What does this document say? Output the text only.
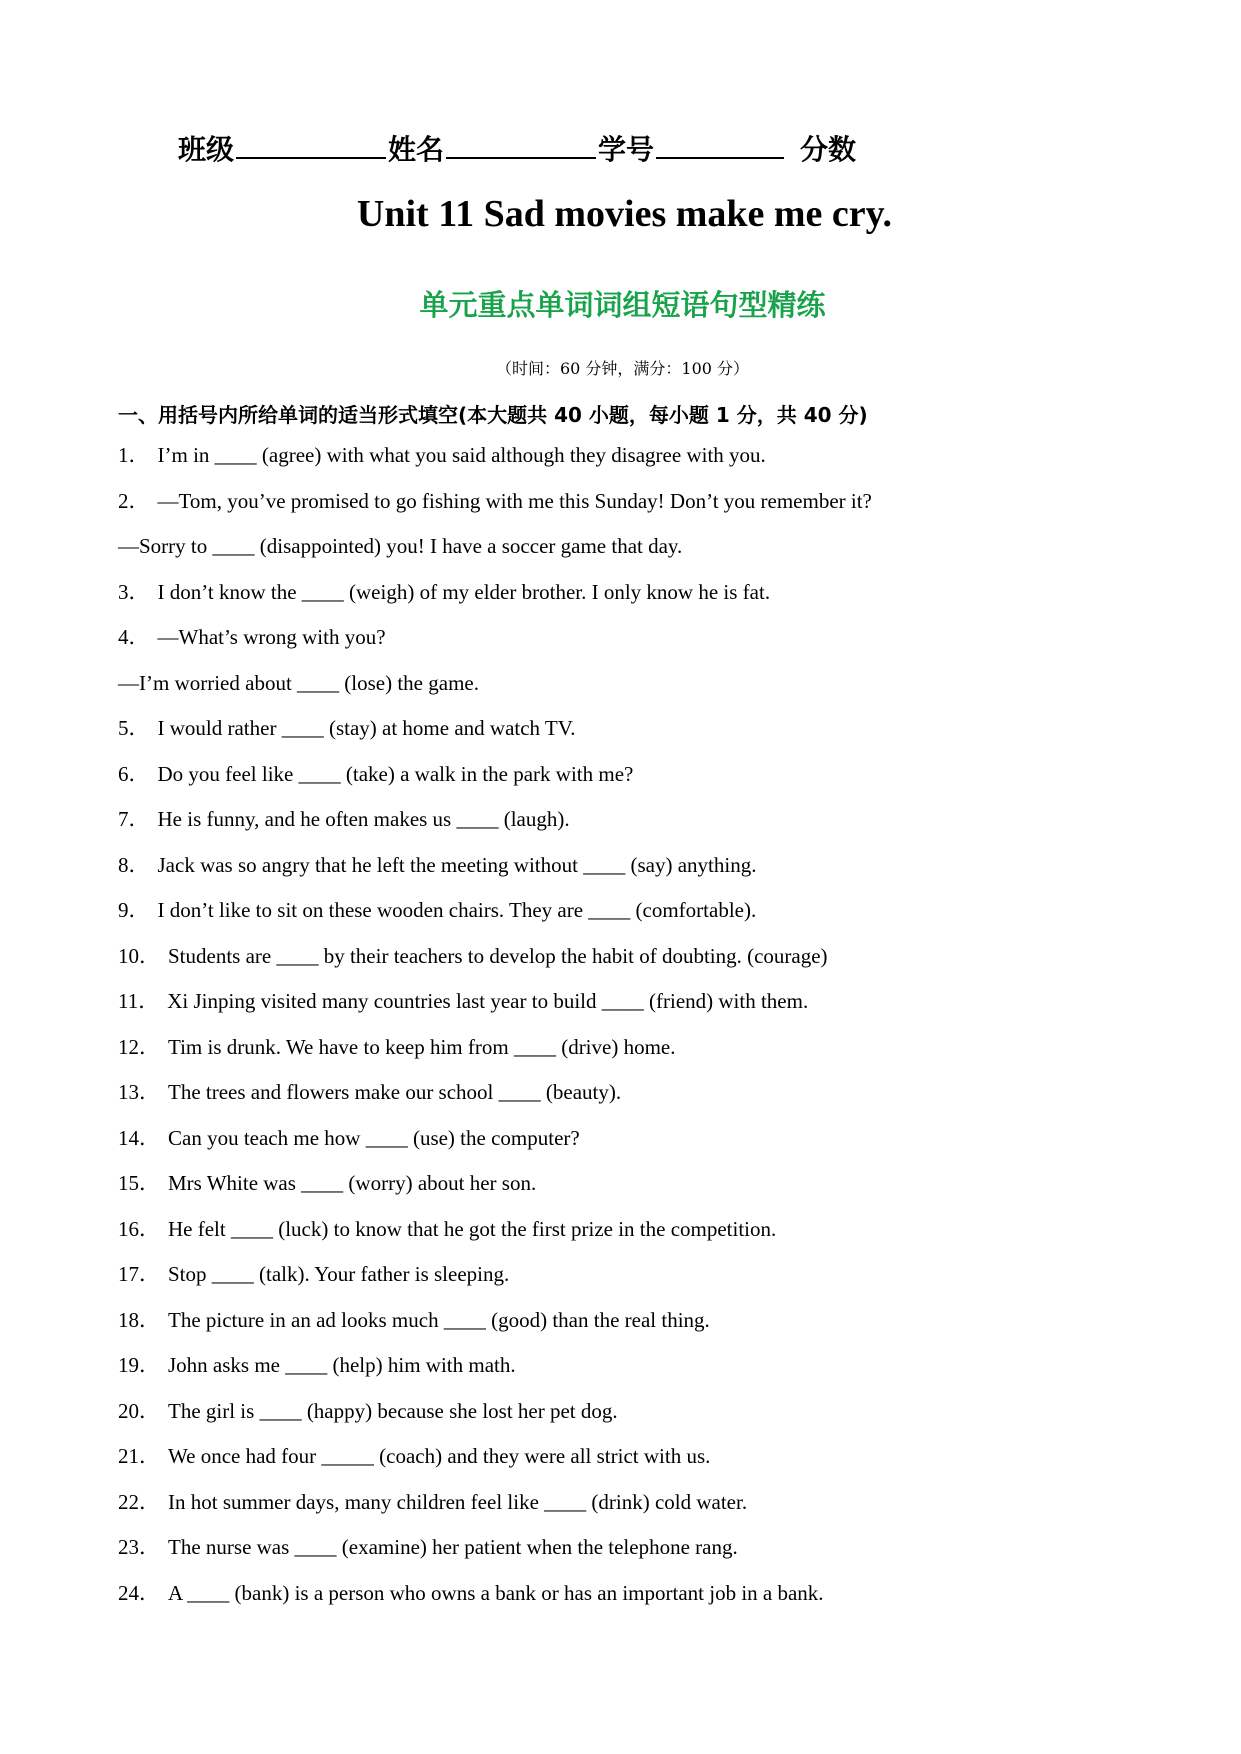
班级	姓名	学号	分数
Unit 11 Sad movies make me cry.
单元重点单词词组短语句型精练
（时间：60 分钟，满分：100 分）
一、用括号内所给单词的适当形式填空(本大题共 40 小题，每小题 1 分，共 40 分)
1． I’m in ____ (agree) with what you said although they disagree with you.
2． —Tom, you’ve promised to go fishing with me this Sunday! Don’t you remember it?
—Sorry to ____ (disappointed) you! I have a soccer game that day.
3． I don’t know the ____ (weigh) of my elder brother. I only know he is fat.
4． —What’s wrong with you?
—I’m worried about ____ (lose) the game.
5． I would rather ____ (stay) at home and watch TV.
6． Do you feel like ____ (take) a walk in the park with me?
7． He is funny, and he often makes us ____ (laugh).
8． Jack was so angry that he left the meeting without ____ (say) anything.
9． I don’t like to sit on these wooden chairs. They are ____ (comfortable).
10． Students are ____ by their teachers to develop the habit of doubting. (courage)
11． Xi Jinping visited many countries last year to build ____ (friend) with them.
12． Tim is drunk. We have to keep him from ____ (drive) home.
13． The trees and flowers make our school ____ (beauty).
14． Can you teach me how ____ (use) the computer?
15． Mrs White was ____ (worry) about her son.
16． He felt ____ (luck) to know that he got the first prize in the competition.
17． Stop ____ (talk). Your father is sleeping.
18． The picture in an ad looks much ____ (good) than the real thing.
19． John asks me ____ (help) him with math.
20． The girl is ____ (happy) because she lost her pet dog.
21． We once had four _____ (coach) and they were all strict with us.
22． In hot summer days, many children feel like ____ (drink) cold water.
23． The nurse was ____ (examine) her patient when the telephone rang.
24． A ____ (bank) is a person who owns a bank or has an important job in a bank.
